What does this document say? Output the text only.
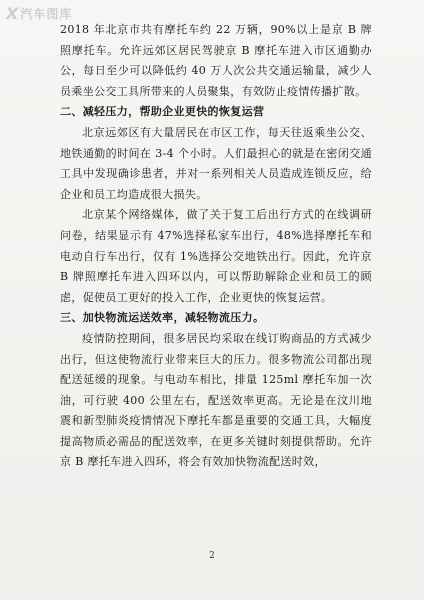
X 汽车图库

2018 年北京市共有摩托车约 22 万辆，90%以上是京 B 牌照摩托车。允许远郊区居民驾驶京 B 摩托车进入市区通勤办公，每日至少可以降低约 40 万人次公共交通运输量，减少人员乘坐公交工具所带来的人员聚集，有效防止疫情传播扩散。

二、减轻压力，帮助企业更快的恢复运营

北京远郊区有大量居民在市区工作，每天往返乘坐公交、地铁通勤的时间在 3-4 个小时。人们最担心的就是在密闭交通工具中发现确诊患者，并对一系列相关人员造成连锁反应，给企业和员工均造成很大损失。

北京某个网络媒体，做了关于复工后出行方式的在线调研问卷，结果显示有 47%选择私家车出行，48%选择摩托车和电动自行车出行，仅有 1%选择公交地铁出行。因此，允许京 B 牌照摩托车进入四环以内，可以帮助解除企业和员工的顾虑，促使员工更好的投入工作，企业更快的恢复运营。

三、加快物流运送效率，减轻物流压力。

疫情防控期间，很多居民均采取在线订购商品的方式减少出行，但这使物流行业带来巨大的压力。很多物流公司都出现配送延缓的现象。与电动车相比，排量 125ml 摩托车加一次油，可行驶 400 公里左右，配送效率更高。无论是在汶川地震和新型肺炎疫情情况下摩托车都是重要的交通工具，大幅度提高物质必需品的配送效率，在更多关键时刻提供帮助。允许京 B 摩托车进入四环，将会有效加快物流配送时效，

2
